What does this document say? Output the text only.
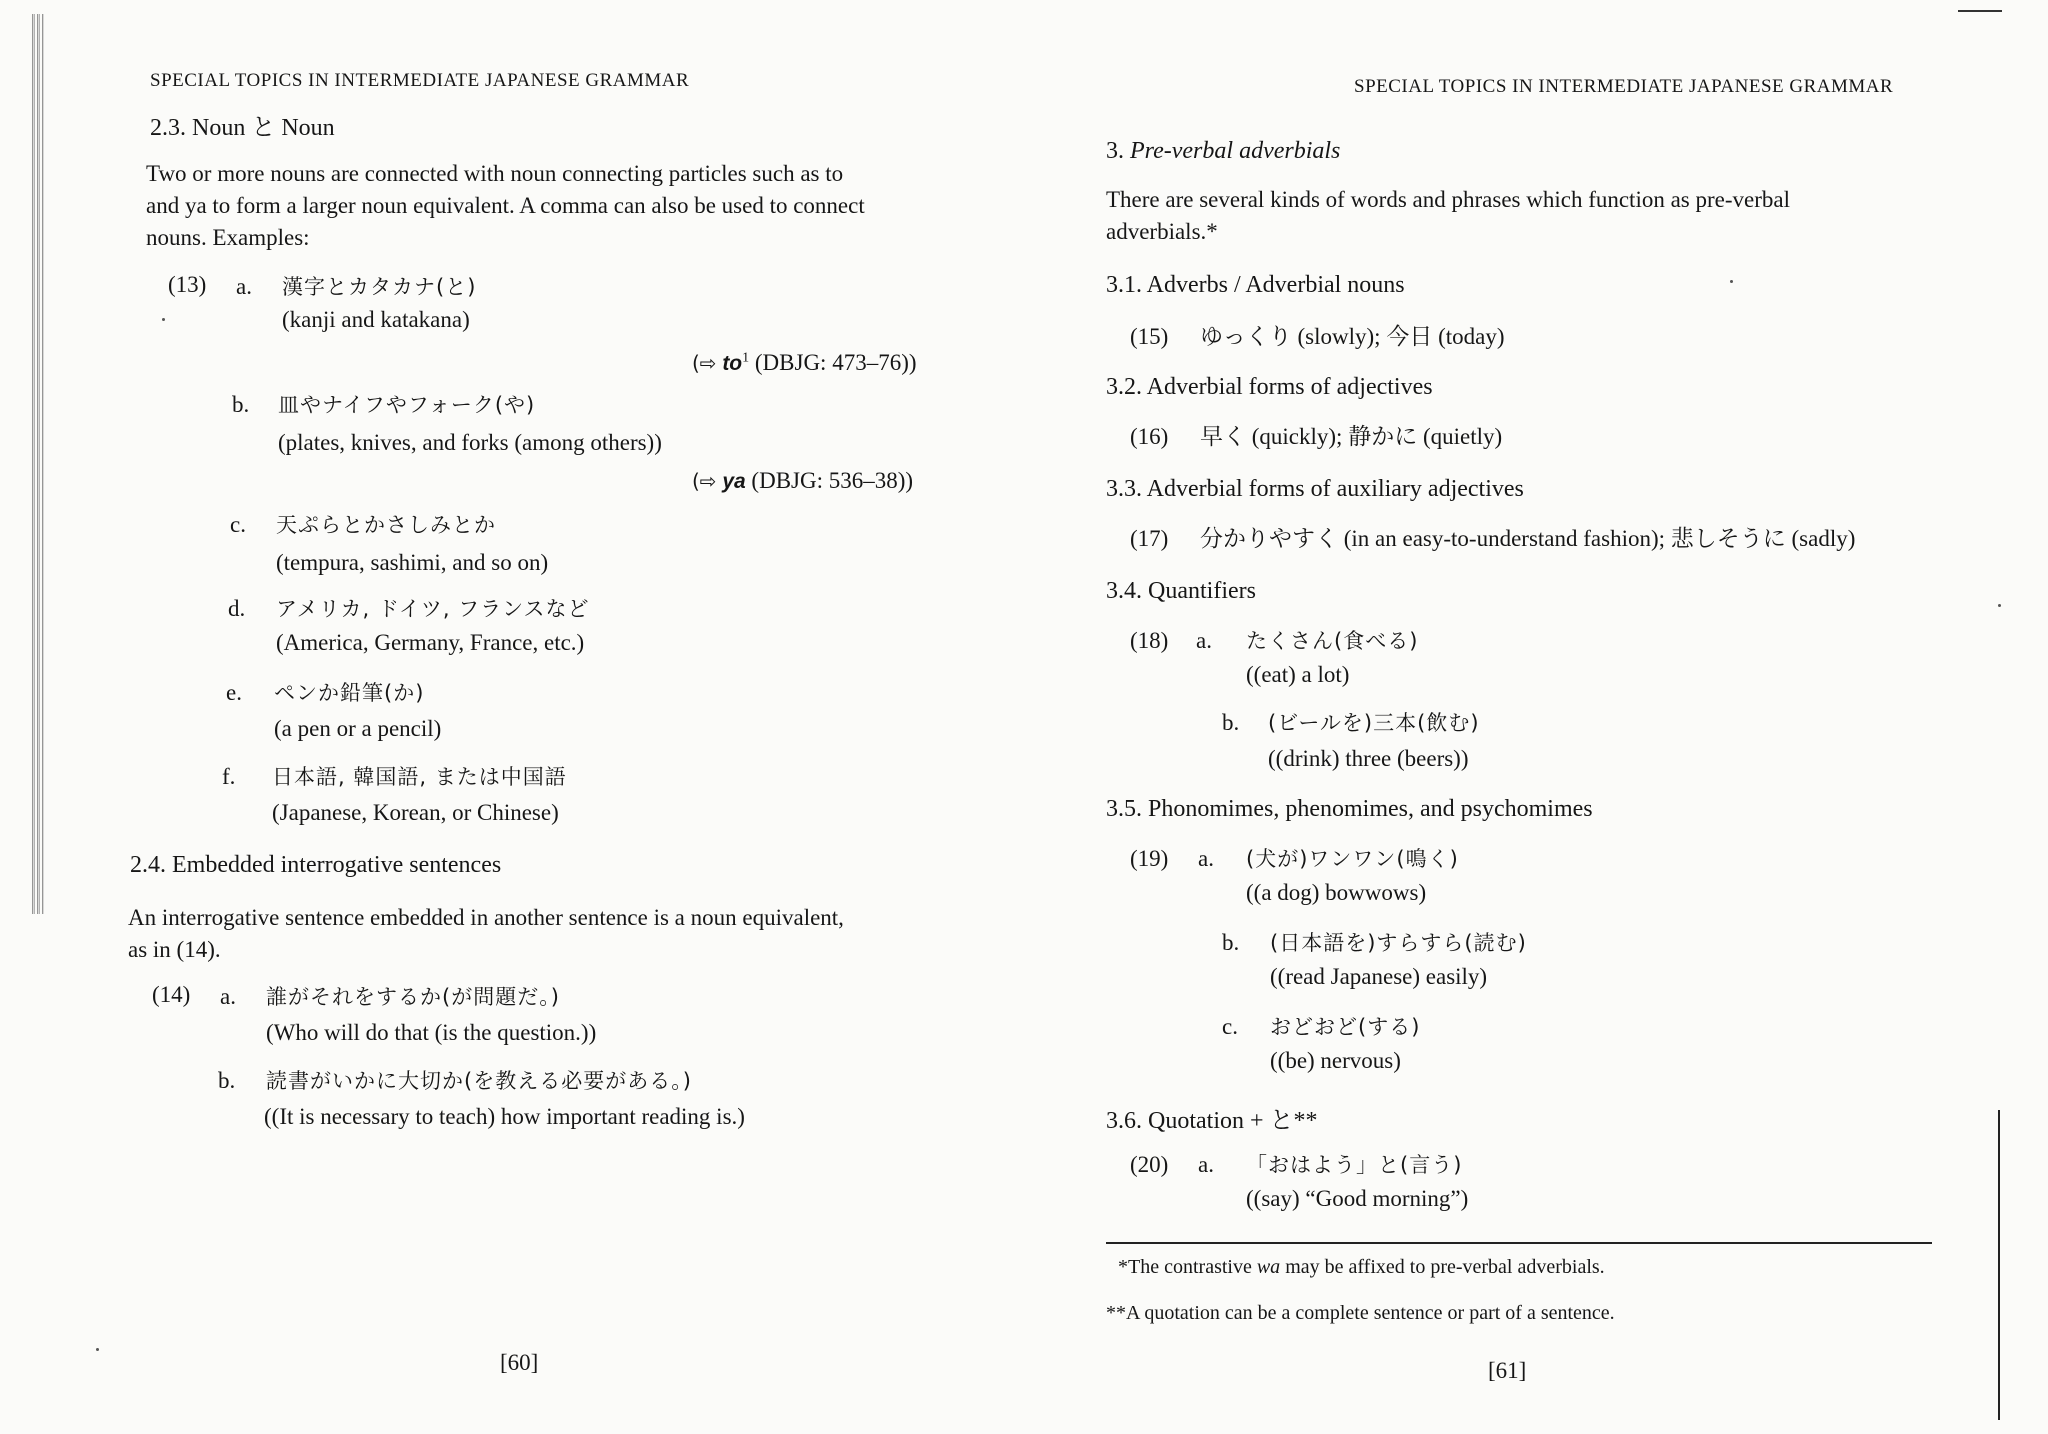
SPECIAL TOPICS IN INTERMEDIATE JAPANESE GRAMMAR
2.3. Noun と Noun
Two or more nouns are connected with noun connecting particles such as to
and ya to form a larger noun equivalent. A comma can also be used to connect
nouns. Examples:
(13) a. 漢字とカタカナ(と)
(kanji and katakana)
(⇨ $to^1$ (DBJG: 473–76))
b. 皿やナイフやフォーク(や)
(plates, knives, and forks (among others))
(⇨ ya (DBJG: 536–38))
c. 天ぷらとかさしみとか
(tempura, sashimi, and so on)
d. アメリカ, ドイツ, フランスなど
(America, Germany, France, etc.)
e. ペンか鉛筆(か)
(a pen or a pencil)
f. 日本語, 韓国語, または中国語
(Japanese, Korean, or Chinese)
2.4. Embedded interrogative sentences
An interrogative sentence embedded in another sentence is a noun equivalent,
as in (14).
(14) a. 誰がそれをするか(が問題だ。)
(Who will do that (is the question.))
b. 読書がいかに大切か(を教える必要がある。)
((It is necessary to teach) how important reading is.)
[60]
SPECIAL TOPICS IN INTERMEDIATE JAPANESE GRAMMAR
3. Pre-verbal adverbials
There are several kinds of words and phrases which function as pre-verbal
adverbials.*
3.1. Adverbs / Adverbial nouns
(15) ゆっくり (slowly); 今日 (today)
3.2. Adverbial forms of adjectives
(16) 早く (quickly); 静かに (quietly)
3.3. Adverbial forms of auxiliary adjectives
(17) 分かりやすく (in an easy-to-understand fashion); 悲しそうに (sadly)
3.4. Quantifiers
(18) a. たくさん(食べる)
((eat) a lot)
b. (ビールを)三本(飲む)
((drink) three (beers))
3.5. Phonomimes, phenomimes, and psychomimes
(19) a. (犬が)ワンワン(鳴く)
((a dog) bowwows)
b. (日本語を)すらすら(読む)
((read Japanese) easily)
c. おどおど(する)
((be) nervous)
3.6. Quotation + と**
(20) a. 「おはよう」と(言う)
((say) “Good morning”)
*The contrastive wa may be affixed to pre-verbal adverbials.
**A quotation can be a complete sentence or part of a sentence.
[61]
